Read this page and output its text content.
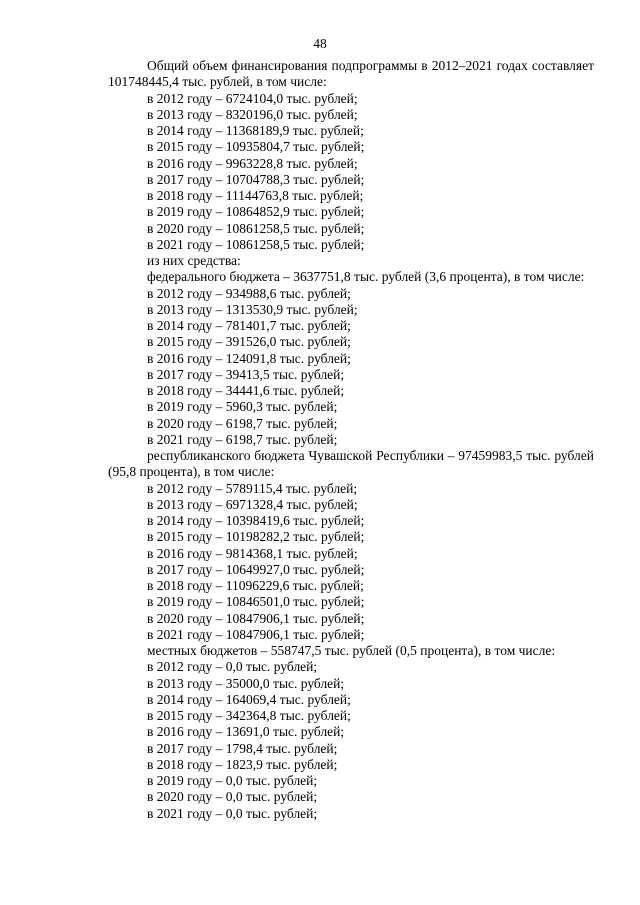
48

Общий объем финансирования подпрограммы в 2012–2021 годах составляет 101748445,4 тыс. рублей, в том числе:

в 2012 году – 6724104,0 тыс. рублей;

в 2013 году – 8320196,0 тыс. рублей;

в 2014 году – 11368189,9 тыс. рублей;

в 2015 году – 10935804,7 тыс. рублей;

в 2016 году – 9963228,8 тыс. рублей;

в 2017 году – 10704788,3 тыс. рублей;

в 2018 году – 11144763,8 тыс. рублей;

в 2019 году – 10864852,9 тыс. рублей;

в 2020 году – 10861258,5 тыс. рублей;

в 2021 году – 10861258,5 тыс. рублей;

из них средства:

федерального бюджета – 3637751,8 тыс. рублей (3,6 процента), в том числе:

в 2012 году – 934988,6 тыс. рублей;

в 2013 году – 1313530,9 тыс. рублей;

в 2014 году – 781401,7 тыс. рублей;

в 2015 году – 391526,0 тыс. рублей;

в 2016 году – 124091,8 тыс. рублей;

в 2017 году – 39413,5 тыс. рублей;

в 2018 году – 34441,6 тыс. рублей;

в 2019 году – 5960,3 тыс. рублей;

в 2020 году – 6198,7 тыс. рублей;

в 2021 году – 6198,7 тыс. рублей;

республиканского бюджета Чувашской Республики – 97459983,5 тыс. рублей (95,8 процента), в том числе:

в 2012 году – 5789115,4 тыс. рублей;

в 2013 году – 6971328,4 тыс. рублей;

в 2014 году – 10398419,6 тыс. рублей;

в 2015 году – 10198282,2 тыс. рублей;

в 2016 году – 9814368,1 тыс. рублей;

в 2017 году – 10649927,0 тыс. рублей;

в 2018 году – 11096229,6 тыс. рублей;

в 2019 году – 10846501,0 тыс. рублей;

в 2020 году – 10847906,1 тыс. рублей;

в 2021 году – 10847906,1 тыс. рублей;

местных бюджетов – 558747,5 тыс. рублей (0,5 процента), в том числе:

в 2012 году – 0,0 тыс. рублей;

в 2013 году – 35000,0 тыс. рублей;

в 2014 году – 164069,4 тыс. рублей;

в 2015 году – 342364,8 тыс. рублей;

в 2016 году – 13691,0 тыс. рублей;

в 2017 году – 1798,4 тыс. рублей;

в 2018 году – 1823,9 тыс. рублей;

в 2019 году – 0,0 тыс. рублей;

в 2020 году – 0,0 тыс. рублей;

в 2021 году – 0,0 тыс. рублей;
